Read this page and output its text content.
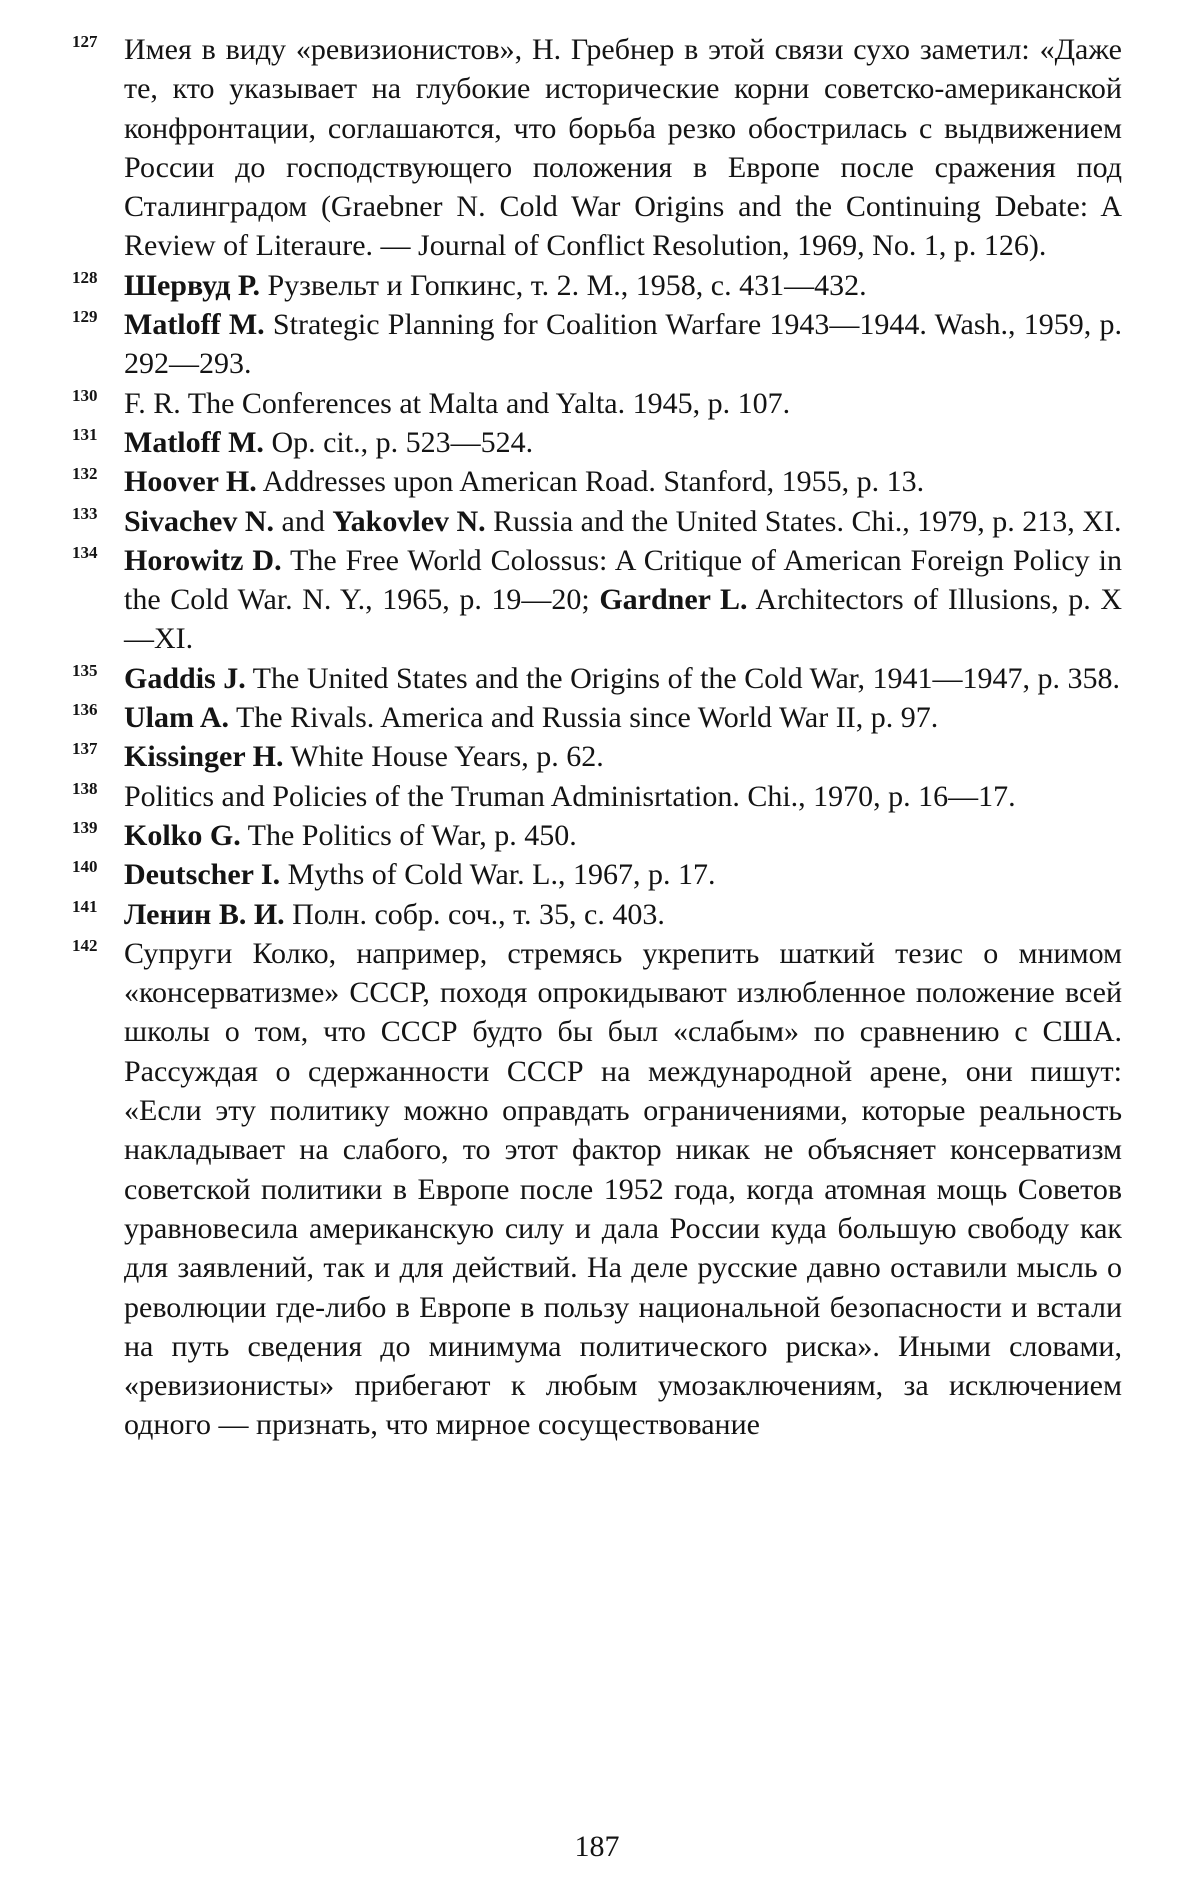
127 Имея в виду «ревизионистов», Н. Гребнер в этой связи сухо заметил: «Даже те, кто указывает на глубокие исторические корни советско-американской конфронтации, соглашаются, что борьба резко обострилась с выдвижением России до господствующего положения в Европе после сражения под Сталинградом (Graebner N. Cold War Origins and the Continuing Debate: A Review of Literaure. — Journal of Conflict Resolution, 1969, No. 1, p. 126).
128 Шервуд Р. Рузвельт и Гопкинс, т. 2. М., 1958, с. 431—432.
129 Matloff M. Strategic Planning for Coalition Warfare 1943—1944. Wash., 1959, p. 292—293.
130 F. R. The Conferences at Malta and Yalta. 1945, p. 107.
131 Matloff M. Op. cit., p. 523—524.
132 Hoover H. Addresses upon American Road. Stanford, 1955, p. 13.
133 Sivachev N. and Yakovlev N. Russia and the United States. Chi., 1979, p. 213, XI.
134 Horowitz D. The Free World Colossus: A Critique of American Foreign Policy in the Cold War. N. Y., 1965, p. 19—20; Gardner L. Architectors of Illusions, p. X—XI.
135 Gaddis J. The United States and the Origins of the Cold War, 1941—1947, p. 358.
136 Ulam A. The Rivals. America and Russia since World War II, p. 97.
137 Kissinger H. White House Years, p. 62.
138 Politics and Policies of the Truman Adminisrtation. Chi., 1970, p. 16—17.
139 Kolko G. The Politics of War, p. 450.
140 Deutscher I. Myths of Cold War. L., 1967, p. 17.
141 Ленин В. И. Полн. собр. соч., т. 35, с. 403.
142 Супруги Колко, например, стремясь укрепить шаткий тезис о мнимом «консерватизме» СССР, походя опрокидывают излюбленное положение всей школы о том, что СССР будто бы был «слабым» по сравнению с США. Рассуждая о сдержанности СССР на международной арене, они пишут: «Если эту политику можно оправдать ограничениями, которые реальность накладывает на слабого, то этот фактор никак не объясняет консерватизм советской политики в Европе после 1952 года, когда атомная мощь Советов уравновесила американскую силу и дала России куда большую свободу как для заявлений, так и для действий. На деле русские давно оставили мысль о революции где-либо в Европе в пользу национальной безопасности и встали на путь сведения до минимума политического риска». Иными словами, «ревизионисты» прибегают к любым умозаключениям, за исключением одного — признать, что мирное сосуществование
187
